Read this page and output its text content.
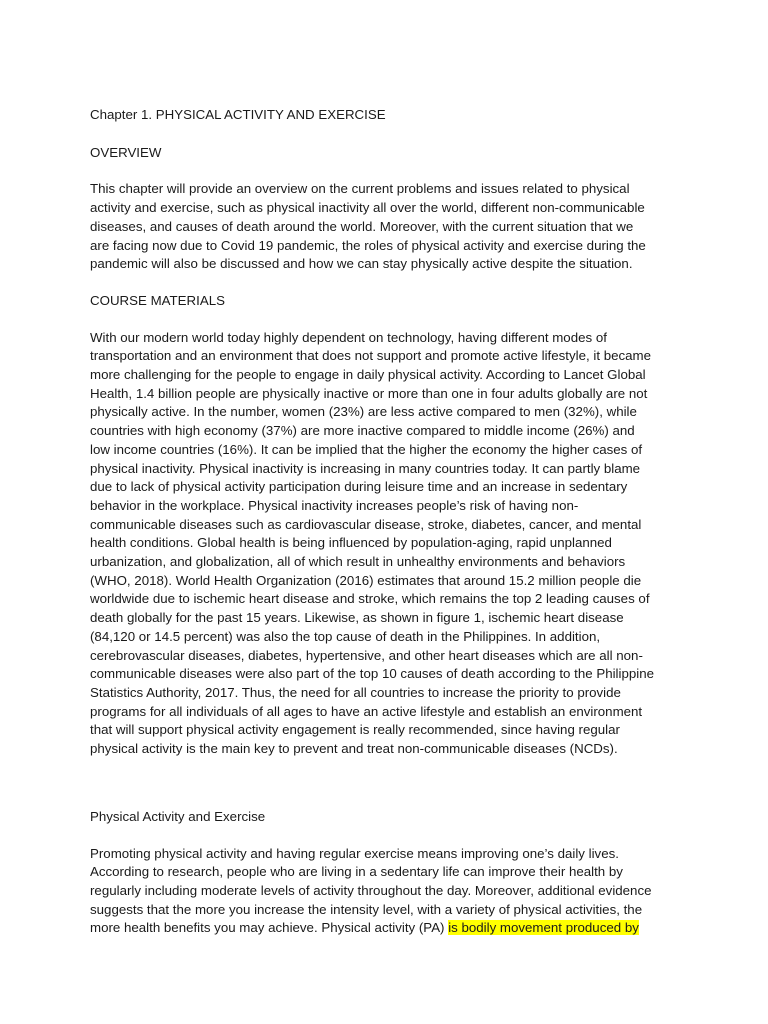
Chapter 1. PHYSICAL ACTIVITY AND EXERCISE

OVERVIEW

This chapter will provide an overview on the current problems and issues related to physical
activity and exercise, such as physical inactivity all over the world, different non-communicable
diseases, and causes of death around the world. Moreover, with the current situation that we
are facing now due to Covid 19 pandemic, the roles of physical activity and exercise during the
pandemic will also be discussed and how we can stay physically active despite the situation.

COURSE MATERIALS

With our modern world today highly dependent on technology, having different modes of
transportation and an environment that does not support and promote active lifestyle, it became
more challenging for the people to engage in daily physical activity. According to Lancet Global
Health, 1.4 billion people are physically inactive or more than one in four adults globally are not
physically active. In the number, women (23%) are less active compared to men (32%), while
countries with high economy (37%) are more inactive compared to middle income (26%) and
low income countries (16%). It can be implied that the higher the economy the higher cases of
physical inactivity. Physical inactivity is increasing in many countries today. It can partly blame
due to lack of physical activity participation during leisure time and an increase in sedentary
behavior in the workplace. Physical inactivity increases people’s risk of having non-
communicable diseases such as cardiovascular disease, stroke, diabetes, cancer, and mental
health conditions. Global health is being influenced by population-aging, rapid unplanned
urbanization, and globalization, all of which result in unhealthy environments and behaviors
(WHO, 2018). World Health Organization (2016) estimates that around 15.2 million people die
worldwide due to ischemic heart disease and stroke, which remains the top 2 leading causes of
death globally for the past 15 years. Likewise, as shown in figure 1, ischemic heart disease
(84,120 or 14.5 percent) was also the top cause of death in the Philippines. In addition,
cerebrovascular diseases, diabetes, hypertensive, and other heart diseases which are all non-
communicable diseases were also part of the top 10 causes of death according to the Philippine
Statistics Authority, 2017. Thus, the need for all countries to increase the priority to provide
programs for all individuals of all ages to have an active lifestyle and establish an environment
that will support physical activity engagement is really recommended, since having regular
physical activity is the main key to prevent and treat non-communicable diseases (NCDs).

Physical Activity and Exercise

Promoting physical activity and having regular exercise means improving one’s daily lives.
According to research, people who are living in a sedentary life can improve their health by
regularly including moderate levels of activity throughout the day. Moreover, additional evidence
suggests that the more you increase the intensity level, with a variety of physical activities, the
more health benefits you may achieve. Physical activity (PA) is bodily movement produced by
